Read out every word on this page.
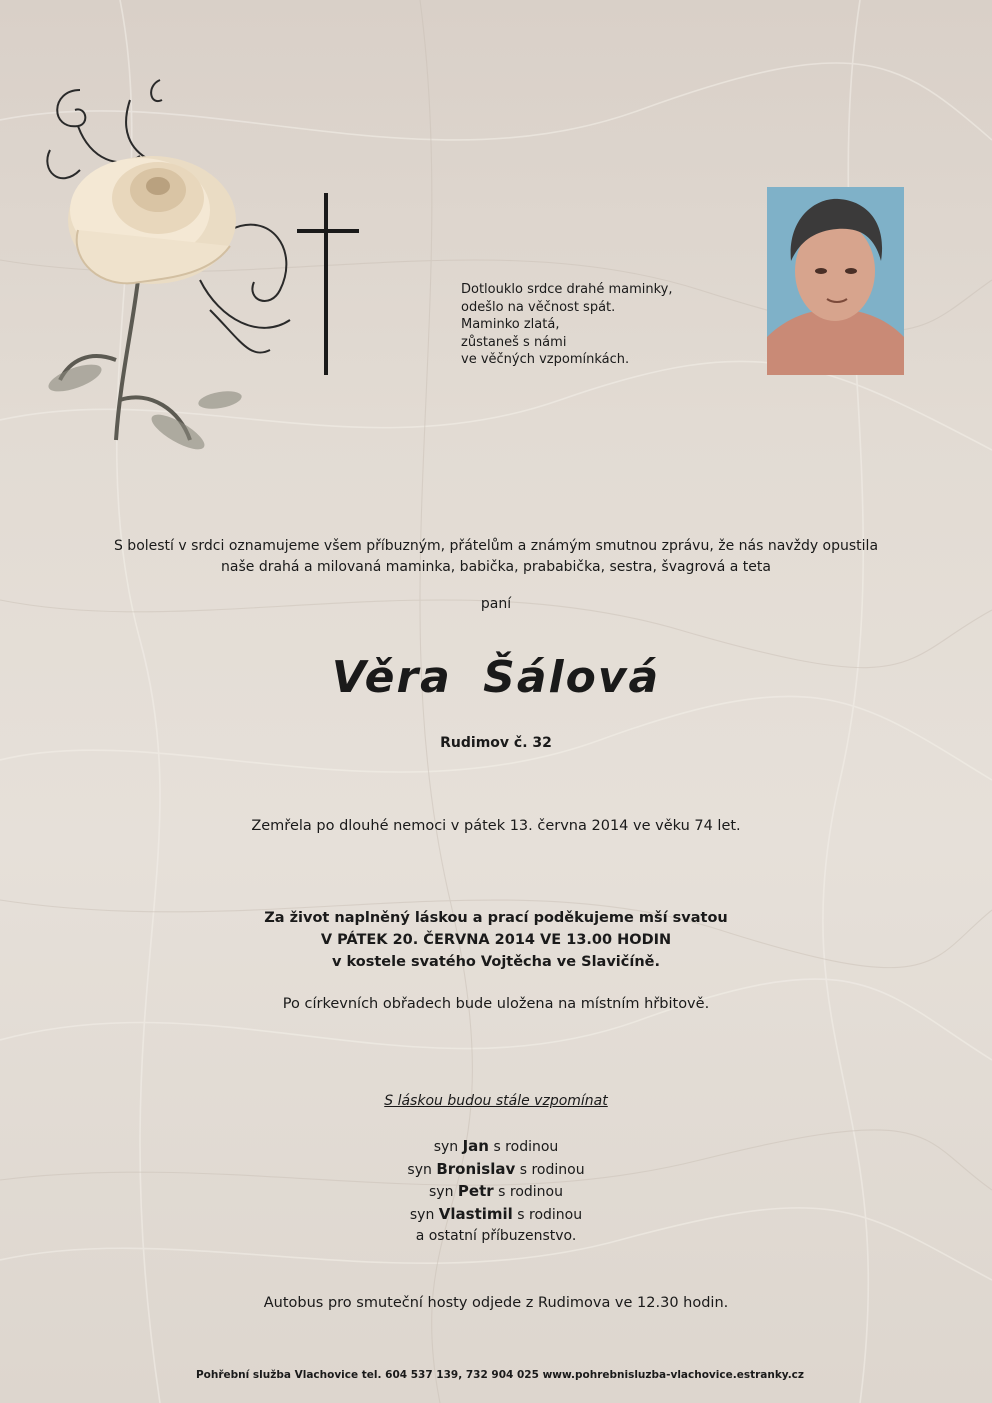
Dotlouklo srdce drahé maminky,
odešlo na věčnost spát.
Maminko zlatá,
zůstaneš s námi
ve věčných vzpomínkách.
S bolestí v srdci oznamujeme všem příbuzným, přátelům a známým smutnou zprávu, že nás navždy opustila
naše drahá a milovaná maminka, babička, prababička, sestra, švagrová a teta
paní
Věra Šálová
Rudimov č. 32
Zemřela po dlouhé nemoci v pátek 13. června 2014 ve věku 74 let.
Za život naplněný láskou a prací poděkujeme mší svatou
V PÁTEK 20. ČERVNA 2014 VE 13.00 HODIN
v kostele svatého Vojtěcha ve Slavičíně.
Po církevních obřadech bude uložena na místním hřbitově.
S láskou budou stále vzpomínat
syn Jan s rodinou
syn Bronislav s rodinou
syn Petr s rodinou
syn Vlastimil s rodinou
a ostatní příbuzenstvo.
Autobus pro smuteční hosty odjede z Rudimova ve 12.30 hodin.
Pohřební služba Vlachovice tel. 604 537 139, 732 904 025 www.pohrebnisluzba-vlachovice.estranky.cz
